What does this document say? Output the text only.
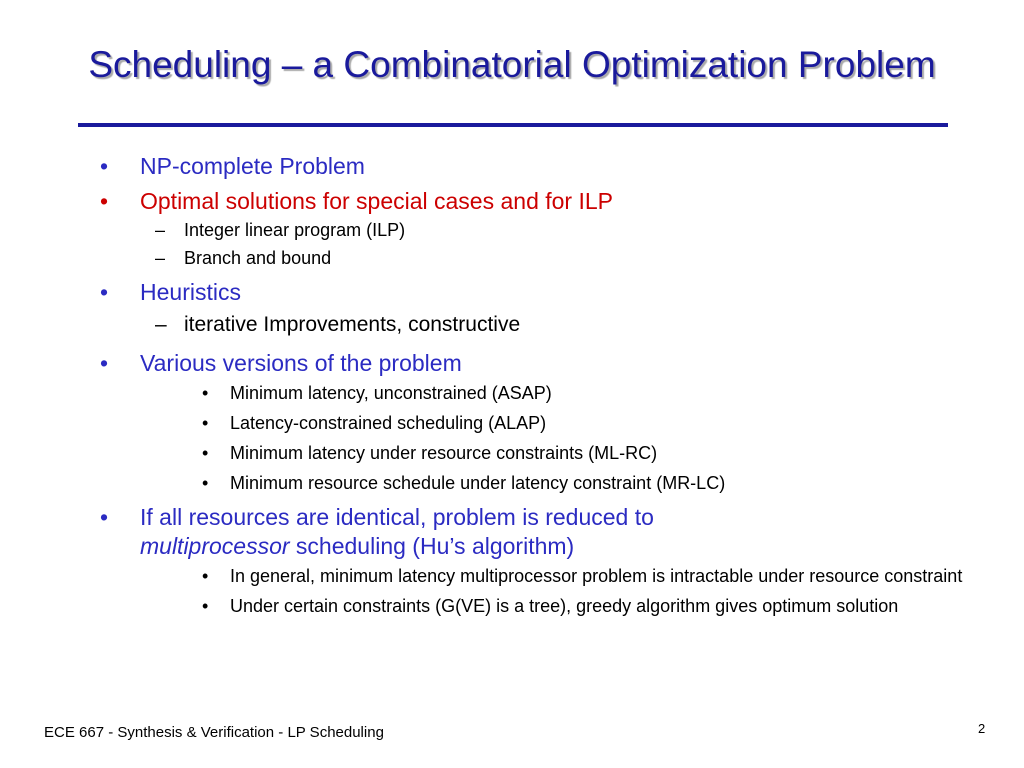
Scheduling – a Combinatorial Optimization Problem
• NP-complete Problem
• Optimal solutions for special cases and for ILP
– Integer linear program (ILP)
– Branch and bound
• Heuristics
– iterative Improvements, constructive
• Various versions of the problem
• Minimum latency, unconstrained (ASAP)
• Latency-constrained scheduling (ALAP)
• Minimum latency under resource constraints (ML-RC)
• Minimum resource schedule under latency constraint (MR-LC)
• If all resources are identical, problem is reduced to
multiprocessor scheduling (Hu’s algorithm)
• In general, minimum latency multiprocessor problem is intractable under resource constraint
• Under certain constraints (G(VE) is a tree), greedy algorithm gives optimum solution
ECE 667 - Synthesis & Verification - LP Scheduling	2
